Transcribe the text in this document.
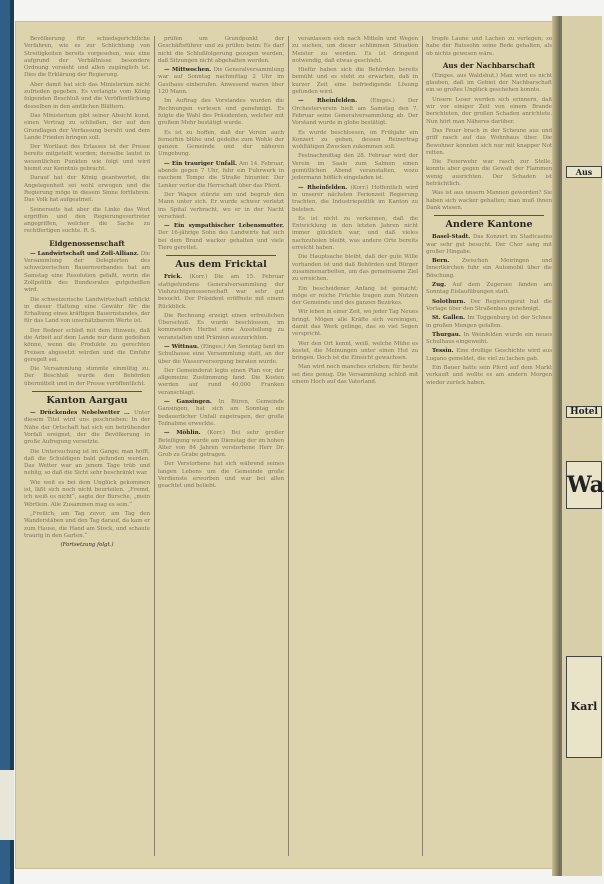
Bevölkerung für schiedsgerichtliche Verfahren, wie es zur Schlichtung von Streitigkeiten bereits vorgesehen, was eine aufgrund der Verhältnisse besondere Ordnung vorsieht und allen zugänglich ist. Dies die Erklärung der Regierung.

Aber damit hat sich das Ministerium nicht zufrieden gegeben. Es verlangte vom König folgenden Beschluß und die Veröffentlichung desselben in den amtlichen Blättern.

Das Ministerium gibt seiner Absicht kund, einen Vertrag zu schließen, der auf den Grundlagen der Verfassung beruht und dem Lande Frieden bringen soll.

Der Wortlaut des Erlasses ist der Presse bereits mitgeteilt worden; derselbe lautet in wesentlichen Punkten wie folgt und wird hiemit zur Kenntnis gebracht.

Darauf hat der König geantwortet, die Angelegenheit sei wohl erwogen und die Regierung möge in diesem Sinne fortfahren. Das Volk hat aufgeatmet.

Seinerseits hat aber die Linke das Wort ergriffen und den Regierungsvertreter angegriffen, welcher die Sache zu rechtfertigen suchte. R. S.

Eidgenossenschaft

— Landwirtschaft und Zoll-Allianz. Die Versammlung der Delegierten des schweizerischen Bauernverbandes hat am Samstag eine Resolution gefaßt, worin die Zollpolitik des Bundesrates gutgeheißen wird.

Die schweizerische Landwirtschaft erblickt in dieser Haltung eine Gewähr für die Erhaltung eines kräftigen Bauernstandes, der für das Land von unschätzbarem Werte ist.

Der Redner schloß mit dem Hinweis, daß die Arbeit auf dem Lande nur dann gedeihen könne, wenn die Produkte zu gerechten Preisen abgesetzt würden und die Einfuhr geregelt sei.

Die Versammlung stimmte einmütig zu. Der Beschluß wurde den Behörden übermittelt und in der Presse veröffentlicht.

Kanton Aargau

— Drückendes Nebelwetter ... Unter diesem Titel wird uns geschrieben: In der Nähe der Ortschaft hat sich ein betrübender Vorfall ereignet, der die Bevölkerung in große Aufregung versetzte.

Die Untersuchung ist im Gange; man hofft, daß die Schuldigen bald gefunden werden. Das Wetter war an jenem Tage trüb und neblig, so daß die Sicht sehr beschränkt war.

Wie weit es bei dem Unglück gekommen ist, läßt sich noch nicht beurteilen. „Fremd, ich weiß es nicht“, sagte der Bursche, „mein Wörtlein. Alle Zusammen mag es sein.“

„Freilich, am Tag zuvor, am Tag den Wanderstäben und den Tag darauf, da kam er zum Hause, die Hand am Stock, und schaute traurig in den Garten.“

(Fortsetzung folgt.)

prüfen um Grundpunkt der Geschäftsführer und zu prüfen beim: Es darf nicht die Schlußfolgerung gezogen werden, daß Sitzungen nicht abgehalten werden.

— Mittwochen. Die Generalversammlung war auf Sonntag nachmittag 2 Uhr im Gasthaus einberufen. Anwesend waren über 120 Mann.

Im Auftrag des Vorstandes wurden die Rechnungen verlesen und genehmigt. Es folgte die Wahl des Präsidenten, welcher mit großem Mehr bestätigt wurde.

Es ist zu hoffen, daß der Verein auch fernerhin blühe und gedeihe zum Wohle der ganzen Gemeinde und der näheren Umgebung.

— Ein trauriger Unfall. Am 14. Februar, abends gegen 7 Uhr, fuhr ein Fuhrwerk in raschem Tempo die Straße hinunter. Der Lenker verlor die Herrschaft über das Pferd.

Der Wagen stürzte um und begrub den Mann unter sich. Er wurde schwer verletzt ins Spital verbracht, wo er in der Nacht verschied.

— Ein sympathischer Lebensmutter. Der 16-jährige Sohn des Landwirts hat sich bei dem Brand wacker gehalten und viele Tiere gerettet.

Aus dem Fricktal

Frick. (Korr.) Die am 15. Februar stattgefundene Generalversammlung der Viehzuchtgenossenschaft war sehr gut besucht. Der Präsident eröffnete mit einem Rückblick.

Die Rechnung erzeigt einen erfreulichen Überschuß. Es wurde beschlossen, im kommenden Herbst eine Ausstellung zu veranstalten und Prämien auszurichten.

— Wittnau. (Einges.) Am Sonntag fand im Schulhause eine Versammlung statt, an der über die Wasserversorgung beraten wurde.

Der Gemeinderat legte einen Plan vor, der allgemeine Zustimmung fand. Die Kosten werden auf rund 40,000 Franken veranschlagt.

— Gansingen. In Büren, Gemeinde Gansingen, hat sich am Sonntag ein bedauerlicher Unfall zugetragen, der große Teilnahme erweckte.

— Möhlin. (Korr.) Bei sehr großer Beteiligung wurde am Dienstag der im hohen Alter von 84 Jahren verstorbene Herr Dr. Grob zu Grabe getragen.

Der Verstorbene hat sich während seines langen Lebens um die Gemeinde große Verdienste erworben und war bei allen geachtet und beliebt.

veranlassen sich nach Mitteln und Wegen zu suchen, um dieser schlimmen Situation Meister zu werden. Es ist dringend notwendig, daß etwas geschieht.

Hiefür haben sich die Behörden bereits bemüht und es steht zu erwarten, daß in kurzer Zeit eine befriedigende Lösung gefunden wird.

— Rheinfelden. (Einges.) Der Orchesterverein hielt am Samstag den 7. Februar seine Generalversammlung ab. Der Vorstand wurde in globo bestätigt.

Es wurde beschlossen, im Frühjahr ein Konzert zu geben, dessen Reinertrag wohltätigen Zwecken zukommen soll.

Festnachmittag den 28. Februar wird der Verein im Saale zum Salmen einen gemütlichen Abend veranstalten, wozu jedermann höflich eingeladen ist.

— Rheinfelden. (Korr.) Hoffentlich wird in unserer nächsten Ferienzeit Regierung trachten, die Industriepolitik im Kanton zu beleben.

Es ist nicht zu verkennen, daß die Entwicklung in den letzten Jahren nicht immer glücklich war, und daß vieles nachzuholen bleibt, was andere Orte bereits erreicht haben.

Die Hauptsache bleibt, daß der gute Wille vorhanden ist und daß Behörden und Bürger zusammenarbeiten, um das gemeinsame Ziel zu erreichen.

Ein bescheidener Anfang ist gemacht; möge er reiche Früchte tragen zum Nutzen der Gemeinde und des ganzen Bezirkes.

Wir leben in einer Zeit, wo jeder Tag Neues bringt. Mögen alle Kräfte sich vereinigen, damit das Werk gelinge, das so viel Segen verspricht.

Wer den Ort kennt, weiß, welche Mühe es kostet, die Meinungen unter einen Hut zu bringen. Doch ist die Einsicht gewachsen.

Man wird noch manches erleben; für heute sei dies genug. Die Versammlung schloß mit einem Hoch auf das Vaterland.

tropfe Laune und Lachen zu verlegen; so habe der Ratssohn seine Rede gehalten, als ob nichts gewesen wäre.

Aus der Nachbarschaft

(Einges. aus Waldshut.) Man wird es nicht glauben, daß im Gebiet der Nachbarschaft ein so großes Unglück geschehen konnte.

Unsere Leser werden sich erinnern, daß wir vor einiger Zeit von einem Brande berichteten, der großen Schaden anrichtete. Nun hört man Näheres darüber.

Das Feuer brach in der Scheune aus und griff rasch auf das Wohnhaus über. Die Bewohner konnten sich nur mit knapper Not retten.

Die Feuerwehr war rasch zur Stelle, konnte aber gegen die Gewalt der Flammen wenig ausrichten. Der Schaden ist beträchtlich.

Was ist aus unsern Mannen geworden? Sie haben sich wacker gehalten; man muß ihnen Dank wissen.

Andere Kantone

Basel-Stadt. Das Konzert im Stadtcasino war sehr gut besucht. Der Chor sang mit großer Hingabe.

Bern. Zwischen Meiringen und Innertkirchen fuhr ein Automobil über die Böschung.

Zug. Auf dem Zugersee fanden am Sonntag Eislaufübungen statt.

Solothurn. Der Regierungsrat hat die Vorlage über den Straßenbau genehmigt.

St. Gallen. Im Toggenburg ist der Schnee in großen Mengen gefallen.

Thurgau. In Weinfelden wurde ein neues Schulhaus eingeweiht.

Tessin. Eine drollige Geschichte wird aus Lugano gemeldet, die viel zu lachen gab.

Ein Bauer hatte sein Pferd auf dem Markt verkauft und wollte es am andern Morgen wieder zurück haben.

Aus
Hotel
Wa
Karl
